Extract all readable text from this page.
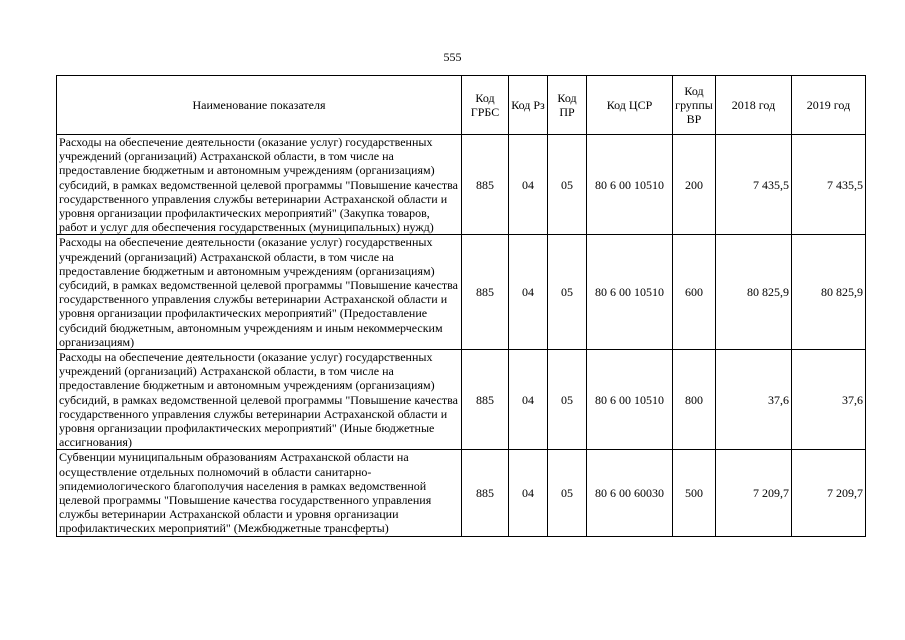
555
Наименование показателя	Код ГРБС	Код Рз	Код ПР	Код ЦСР	Код группы ВР	2018 год	2019 год
Расходы на обеспечение деятельности (оказание услуг) государственных учреждений (организаций) Астраханской области, в том числе на предоставление бюджетным и автономным учреждениям (организациям) субсидий, в рамках ведомственной целевой программы "Повышение качества государственного управления службы ветеринарии Астраханской области и уровня организации профилактических мероприятий" (Закупка товаров, работ и услуг для обеспечения государственных (муниципальных) нужд)	885	04	05	80 6 00 10510	200	7 435,5	7 435,5
Расходы на обеспечение деятельности (оказание услуг) государственных учреждений (организаций) Астраханской области, в том числе на предоставление бюджетным и автономным учреждениям (организациям) субсидий, в рамках ведомственной целевой программы "Повышение качества государственного управления службы ветеринарии Астраханской области и уровня организации профилактических мероприятий" (Предоставление субсидий бюджетным, автономным учреждениям и иным некоммерческим организациям)	885	04	05	80 6 00 10510	600	80 825,9	80 825,9
Расходы на обеспечение деятельности (оказание услуг) государственных учреждений (организаций) Астраханской области, в том числе на предоставление бюджетным и автономным учреждениям (организациям) субсидий, в рамках ведомственной целевой программы "Повышение качества государственного управления службы ветеринарии Астраханской области и уровня организации профилактических мероприятий" (Иные бюджетные ассигнования)	885	04	05	80 6 00 10510	800	37,6	37,6
Субвенции муниципальным образованиям Астраханской области на осуществление отдельных полномочий в области санитарно-эпидемиологического благополучия населения в рамках ведомственной целевой программы "Повышение качества государственного управления службы ветеринарии Астраханской области и уровня организации профилактических мероприятий" (Межбюджетные трансферты)	885	04	05	80 6 00 60030	500	7 209,7	7 209,7
